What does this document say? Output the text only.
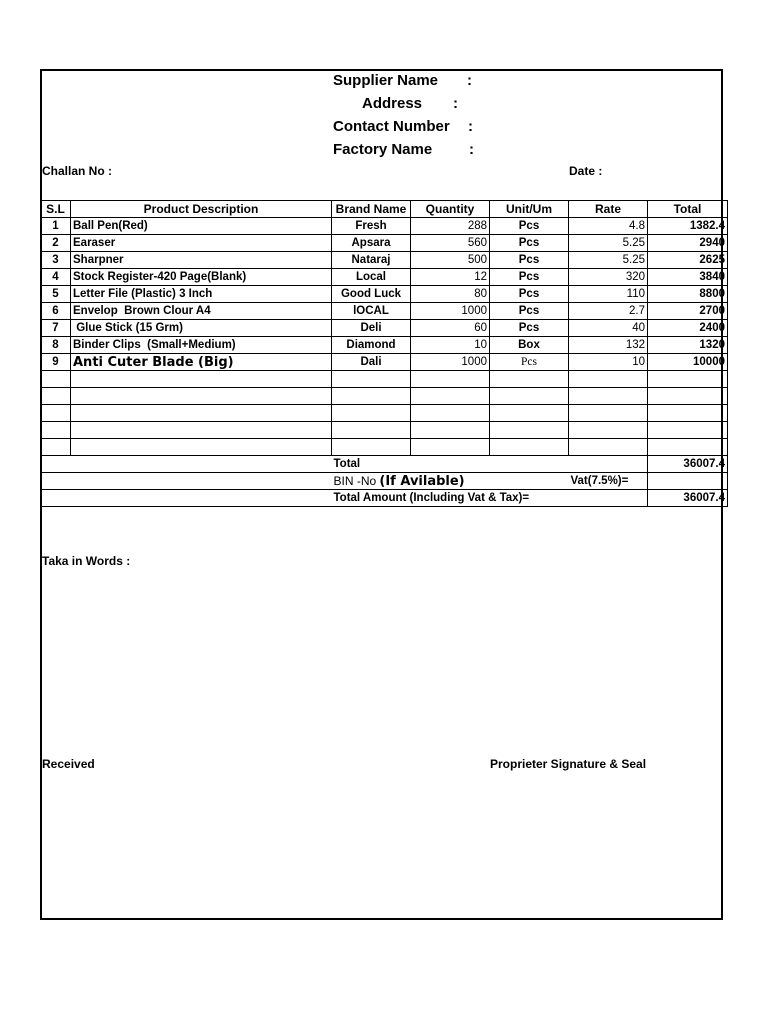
Supplier Name :
Address :
Contact Number :
Factory Name :
Challan No :	Date :
S.L	Product Description	Brand Name	Quantity	Unit/Um	Rate	Total
1	Ball Pen(Red)	Fresh	288	Pcs	4.8	1382.4
2	Earaser	Apsara	560	Pcs	5.25	2940
3	Sharpner	Nataraj	500	Pcs	5.25	2625
4	Stock Register-420 Page(Blank)	Local	12	Pcs	320	3840
5	Letter File (Plastic) 3 Inch	Good Luck	80	Pcs	110	8800
6	Envelop  Brown Clour A4	lOCAL	1000	Pcs	2.7	2700
7	Glue Stick (15 Grm)	Deli	60	Pcs	40	2400
8	Binder Clips  (Small+Medium)	Diamond	10	Box	132	1320
9	Anti Cuter Blade (Big)	Dali	1000	Pcs	10	10000

		Total				36007.4
		BIN -No (If Avilable)			Vat(7.5%)=	
		Total Amount (Including Vat & Tax)=				36007.4
Taka in Words :
Received	Proprieter Signature & Seal
